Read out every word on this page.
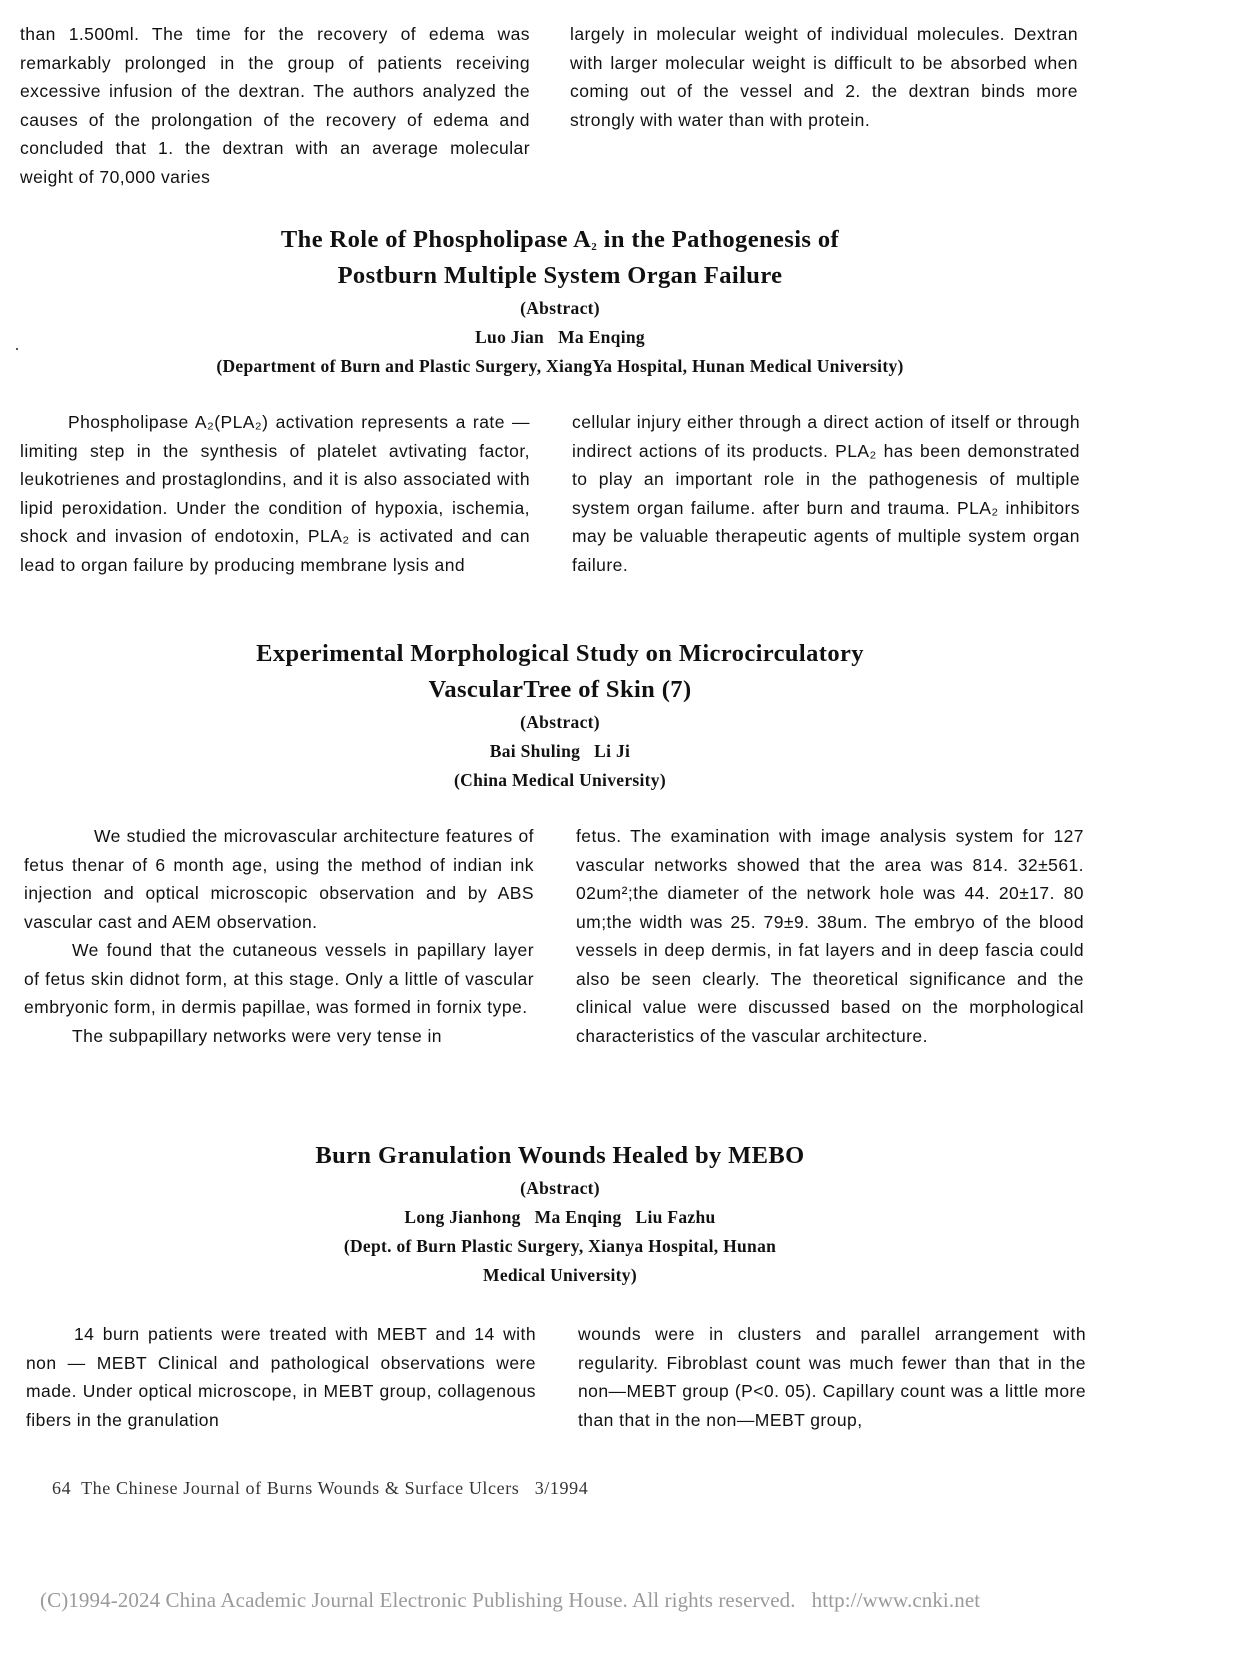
than 1.500ml. The time for the recovery of edema was remarkably prolonged in the group of patients receiving excessive infusion of the dextran. The authors analyzed the causes of the prolongation of the recovery of edema and concluded that 1. the dextran with an average molecular weight of 70,000 varies

largely in molecular weight of individual molecules. Dextran with larger molecular weight is difficult to be absorbed when coming out of the vessel and 2. the dextran binds more strongly with water than with protein.

The Role of Phospholipase $A_2$ in the Pathogenesis of

Postburn Multiple System Organ Failure

(Abstract)

Luo Jian   Ma Enqing

(Department of Burn and Plastic Surgery, XiangYa Hospital, Hunan Medical University)

Phospholipase A₂(PLA₂) activation represents a rate — limiting step in the synthesis of platelet avtivating factor, leukotrienes and prostaglondins, and it is also associated with lipid peroxidation. Under the condition of hypoxia, ischemia, shock and invasion of endotoxin, PLA₂ is activated and can lead to organ failure by producing membrane lysis and

cellular injury either through a direct action of itself or through indirect actions of its products. PLA₂ has been demonstrated to play an important role in the pathogenesis of multiple system organ failume. after burn and trauma. PLA₂ inhibitors may be valuable therapeutic agents of multiple system organ failure.

Experimental Morphological Study on Microcirculatory

VascularTree of Skin (7)

(Abstract)

Bai Shuling   Li Ji

(China Medical University)

We studied the microvascular architecture features of fetus thenar of 6 month age, using the method of indian ink injection and optical microscopic observation and by ABS vascular cast and AEM observation.

We found that the cutaneous vessels in papillary layer of fetus skin didnot form, at this stage. Only a little of vascular embryonic form, in dermis papillae, was formed in fornix type.

The subpapillary networks were very tense in

fetus. The examination with image analysis system for 127 vascular networks showed that the area was 814. 32±561. 02um²;the diameter of the network hole was 44. 20±17. 80 um;the width was 25. 79±9. 38um. The embryo of the blood vessels in deep dermis, in fat layers and in deep fascia could also be seen clearly. The theoretical significance and the clinical value were discussed based on the morphological characteristics of the vascular architecture.

Burn Granulation Wounds Healed by MEBO

(Abstract)

Long Jianhong   Ma Enqing   Liu Fazhu

(Dept. of Burn Plastic Surgery, Xianya Hospital, Hunan

Medical University)

14 burn patients were treated with MEBT and 14 with non — MEBT Clinical and pathological observations were made. Under optical microscope, in MEBT group, collagenous fibers in the granulation

wounds were in clusters and parallel arrangement with regularity. Fibroblast count was much fewer than that in the non—MEBT group (P<0. 05). Capillary count was a little more than that in the non—MEBT group,

64  The Chinese Journal of Burns Wounds & Surface Ulcers   3/1994
(C)1994-2024 China Academic Journal Electronic Publishing House. All rights reserved.   http://www.cnki.net
